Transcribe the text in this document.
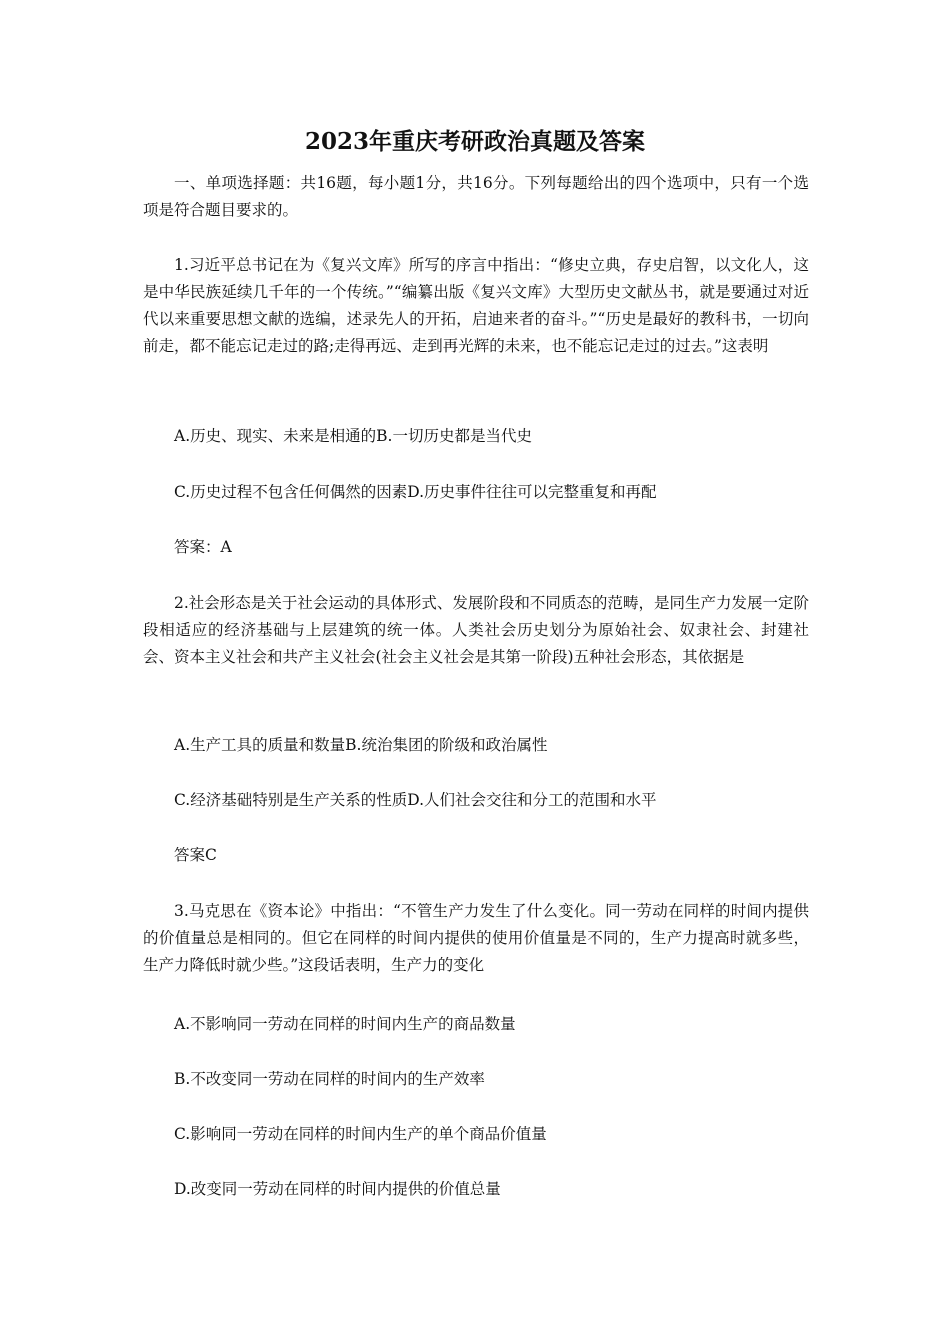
2023年重庆考研政治真题及答案

一、单项选择题：共16题，每小题1分，共16分。下列每题给出的四个选项中，只有一个选项是符合题目要求的。

1.习近平总书记在为《复兴文库》所写的序言中指出：“修史立典，存史启智，以文化人，这是中华民族延续几千年的一个传统。”“编纂出版《复兴文库》大型历史文献丛书，就是要通过对近代以来重要思想文献的选编，述录先人的开拓，启迪来者的奋斗。”“历史是最好的教科书，一切向前走，都不能忘记走过的路;走得再远、走到再光辉的未来，也不能忘记走过的过去。”这表明

A.历史、现实、未来是相通的B.一切历史都是当代史

C.历史过程不包含任何偶然的因素D.历史事件往往可以完整重复和再配

答案：A

2.社会形态是关于社会运动的具体形式、发展阶段和不同质态的范畴，是同生产力发展一定阶段相适应的经济基础与上层建筑的统一体。人类社会历史划分为原始社会、奴隶社会、封建社会、资本主义社会和共产主义社会(社会主义社会是其第一阶段)五种社会形态，其依据是

A.生产工具的质量和数量B.统治集团的阶级和政治属性

C.经济基础特别是生产关系的性质D.人们社会交往和分工的范围和水平

答案C

3.马克思在《资本论》中指出：“不管生产力发生了什么变化。同一劳动在同样的时间内提供的价值量总是相同的。但它在同样的时间内提供的使用价值量是不同的，生产力提高时就多些，生产力降低时就少些。”这段话表明，生产力的变化

A.不影响同一劳动在同样的时间内生产的商品数量

B.不改变同一劳动在同样的时间内的生产效率

C.影响同一劳动在同样的时间内生产的单个商品价值量

D.改变同一劳动在同样的时间内提供的价值总量
